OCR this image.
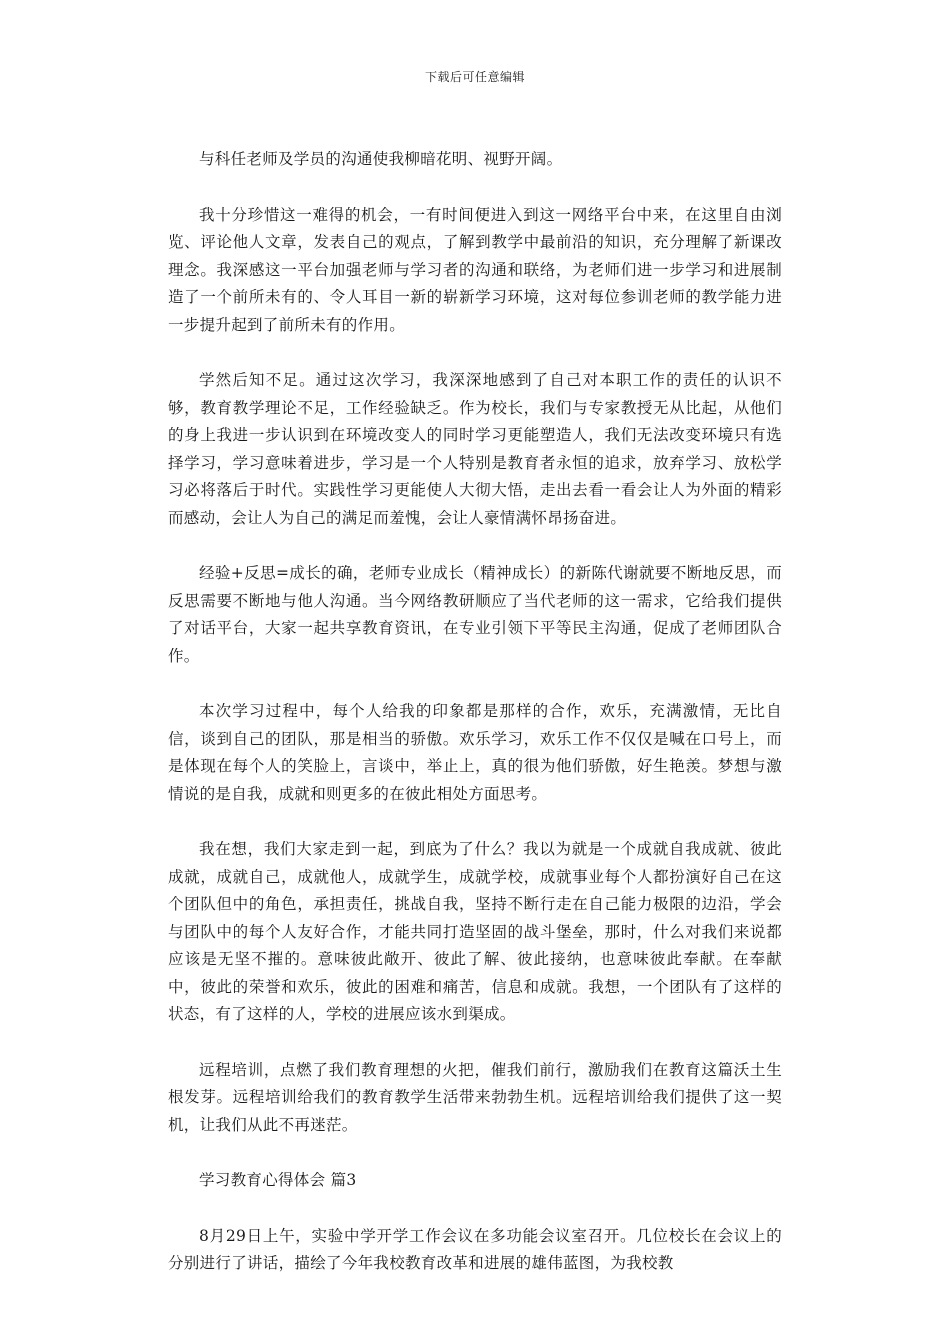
下载后可任意编辑

与科任老师及学员的沟通使我柳暗花明、视野开阔。

我十分珍惜这一难得的机会，一有时间便进入到这一网络平台中来，在这里自由浏览、评论他人文章，发表自己的观点，了解到教学中最前沿的知识，充分理解了新课改理念。我深感这一平台加强老师与学习者的沟通和联络，为老师们进一步学习和进展制造了一个前所未有的、令人耳目一新的崭新学习环境，这对每位参训老师的教学能力进一步提升起到了前所未有的作用。

学然后知不足。通过这次学习，我深深地感到了自己对本职工作的责任的认识不够，教育教学理论不足，工作经验缺乏。作为校长，我们与专家教授无从比起，从他们的身上我进一步认识到在环境改变人的同时学习更能塑造人，我们无法改变环境只有选择学习，学习意味着进步，学习是一个人特别是教育者永恒的追求，放弃学习、放松学习必将落后于时代。实践性学习更能使人大彻大悟，走出去看一看会让人为外面的精彩而感动，会让人为自己的满足而羞愧，会让人豪情满怀昂扬奋进。

经验+反思=成长的确，老师专业成长（精神成长）的新陈代谢就要不断地反思，而反思需要不断地与他人沟通。当今网络教研顺应了当代老师的这一需求，它给我们提供了对话平台，大家一起共享教育资讯，在专业引领下平等民主沟通，促成了老师团队合作。

本次学习过程中，每个人给我的印象都是那样的合作，欢乐，充满激情，无比自信，谈到自己的团队，那是相当的骄傲。欢乐学习，欢乐工作不仅仅是喊在口号上，而是体现在每个人的笑脸上，言谈中，举止上，真的很为他们骄傲，好生艳羡。梦想与激情说的是自我，成就和则更多的在彼此相处方面思考。

我在想，我们大家走到一起，到底为了什么？我以为就是一个成就自我成就、彼此成就，成就自己，成就他人，成就学生，成就学校，成就事业每个人都扮演好自己在这个团队但中的角色，承担责任，挑战自我，坚持不断行走在自己能力极限的边沿，学会与团队中的每个人友好合作，才能共同打造坚固的战斗堡垒，那时，什么对我们来说都应该是无坚不摧的。意味彼此敞开、彼此了解、彼此接纳，也意味彼此奉献。在奉献中，彼此的荣誉和欢乐，彼此的困难和痛苦，信息和成就。我想，一个团队有了这样的状态，有了这样的人，学校的进展应该水到渠成。

远程培训，点燃了我们教育理想的火把，催我们前行，激励我们在教育这篇沃土生根发芽。远程培训给我们的教育教学生活带来勃勃生机。远程培训给我们提供了这一契机，让我们从此不再迷茫。

学习教育心得体会 篇3

8月29日上午，实验中学开学工作会议在多功能会议室召开。几位校长在会议上的分别进行了讲话，描绘了今年我校教育改革和进展的雄伟蓝图，为我校教
